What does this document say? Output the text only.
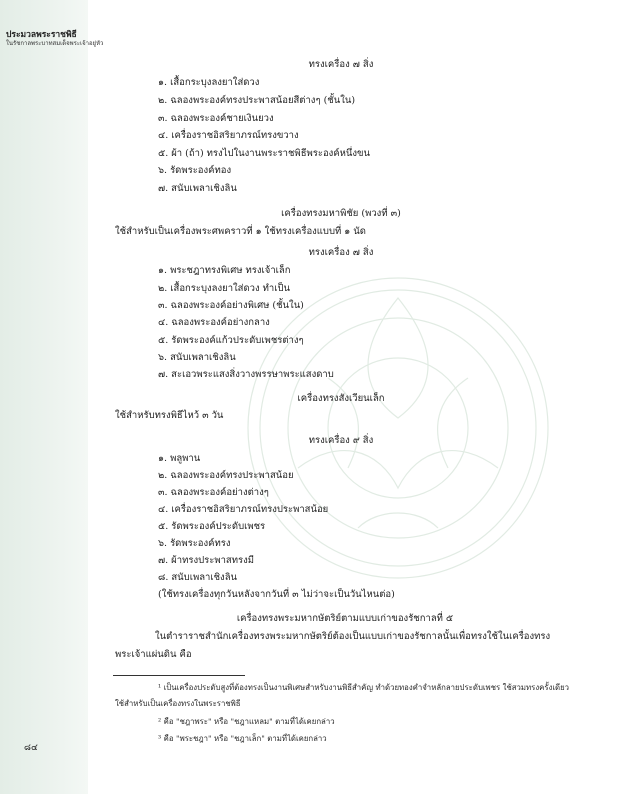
ประมวลพระราชพิธี
ในรัชกาลพระบาทสมเด็จพระเจ้าอยู่หัว
ทรงเครื่อง ๗ สิ่ง
๑. เสื้อกระบุงลงยาใส่ดวง
๒. ฉลองพระองค์ทรงประพาสน้อยสีต่างๆ (ชั้นใน)
๓. ฉลองพระองค์ชายเงินยวง
๔. เครื่องราชอิสริยาภรณ์ทรงขวาง
๕. ผ้า (ถ้า) ทรงไปในงานพระราชพิธีพระองค์หนึ่งขน
๖. รัดพระองค์ทอง
๗. สนับเพลาเชิงลิน
เครื่องทรงมหาพิชัย (พวงที่ ๓)
ใช้สำหรับเป็นเครื่องพระศพคราวที่ ๑ ใช้ทรงเครื่องแบบที่ ๑ นัด
ทรงเครื่อง ๗ สิ่ง
๑. พระชฎาทรงพิเศษ ทรงเจ้าเล็ก
๒. เสื้อกระบุงลงยาใส่ดวง ทำเป็น
๓. ฉลองพระองค์อย่างพิเศษ (ชั้นใน)
๔. ฉลองพระองค์อย่างกลาง
๕. รัดพระองค์แก้วประดับเพชรต่างๆ
๖. สนับเพลาเชิงลิน
๗. สะเอวพระแสงสิ่งวางพรรษาพระแสงดาบ
เครื่องทรงสังเวียนเล็ก
ใช้สำหรับทรงพิธีไหว้ ๓ วัน
ทรงเครื่อง ๙ สิ่ง
๑. พลูพาน
๒. ฉลองพระองค์ทรงประพาสน้อย
๓. ฉลองพระองค์อย่างต่างๆ
๔. เครื่องราชอิสริยาภรณ์ทรงประพาสน้อย
๕. รัดพระองค์ประดับเพชร
๖. รัดพระองค์ทรง
๗. ผ้าทรงประพาสทรงมี
๘. สนับเพลาเชิงลิน
(ใช้ทรงเครื่องทุกวันหลังจากวันที่ ๓ ไม่ว่าจะเป็นวันไหนต่อ)
เครื่องทรงพระมหากษัตริย์ตามแบบเก่าของรัชกาลที่ ๕
ในตำราราชสำนักเครื่องทรงพระมหากษัตริย์ต้องเป็นแบบเก่าของรัชกาลนั้นเพื่อทรงใช้ในเครื่องทรง
พระเจ้าแผ่นดิน คือ
¹ เป็นเครื่องประดับสูงที่ต้องทรงเป็นงานพิเศษสำหรับงานพิธีสำคัญ ทำด้วยทองคำจำหลักลายประดับเพชร ใช้สวมทรงครั้งเดียว
ใช้สำหรับเป็นเครื่องทรงในพระราชพิธี
² คือ "ชฎาพระ" หรือ "ชฎาแหลม" ตามที่ได้เคยกล่าว
³ คือ "พระชฎา" หรือ "ชฎาเล็ก" ตามที่ได้เคยกล่าว
๘๔
